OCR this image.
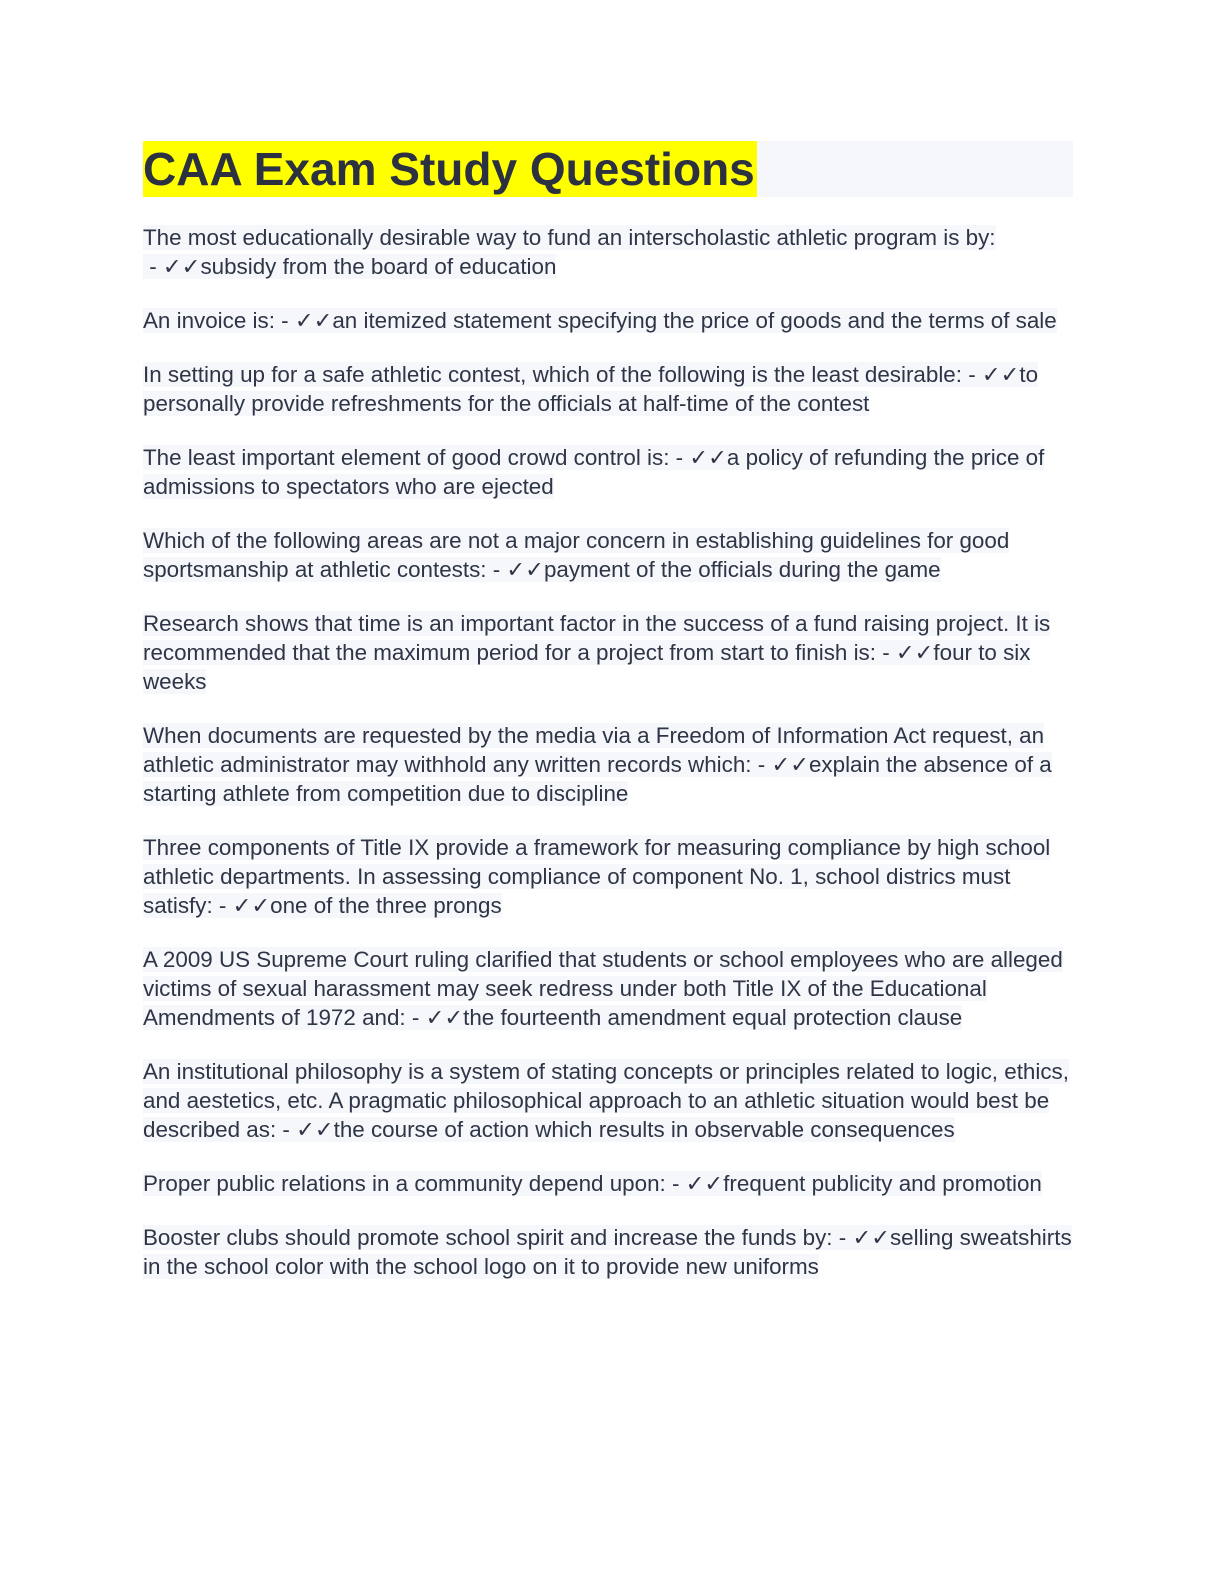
CAA Exam Study Questions

The most educationally desirable way to fund an interscholastic athletic program is by: - ✓✓subsidy from the board of education

An invoice is: - ✓✓an itemized statement specifying the price of goods and the terms of sale

In setting up for a safe athletic contest, which of the following is the least desirable: - ✓✓to personally provide refreshments for the officials at half-time of the contest

The least important element of good crowd control is: - ✓✓a policy of refunding the price of admissions to spectators who are ejected

Which of the following areas are not a major concern in establishing guidelines for good sportsmanship at athletic contests: - ✓✓payment of the officials during the game

Research shows that time is an important factor in the success of a fund raising project. It is recommended that the maximum period for a project from start to finish is: - ✓✓four to six weeks

When documents are requested by the media via a Freedom of Information Act request, an athletic administrator may withhold any written records which: - ✓✓explain the absence of a starting athlete from competition due to discipline

Three components of Title IX provide a framework for measuring compliance by high school athletic departments. In assessing compliance of component No. 1, school districs must satisfy: - ✓✓one of the three prongs

A 2009 US Supreme Court ruling clarified that students or school employees who are alleged victims of sexual harassment may seek redress under both Title IX of the Educational Amendments of 1972 and: - ✓✓the fourteenth amendment equal protection clause

An institutional philosophy is a system of stating concepts or principles related to logic, ethics, and aestetics, etc. A pragmatic philosophical approach to an athletic situation would best be described as: - ✓✓the course of action which results in observable consequences

Proper public relations in a community depend upon: - ✓✓frequent publicity and promotion

Booster clubs should promote school spirit and increase the funds by: - ✓✓selling sweatshirts in the school color with the school logo on it to provide new uniforms
